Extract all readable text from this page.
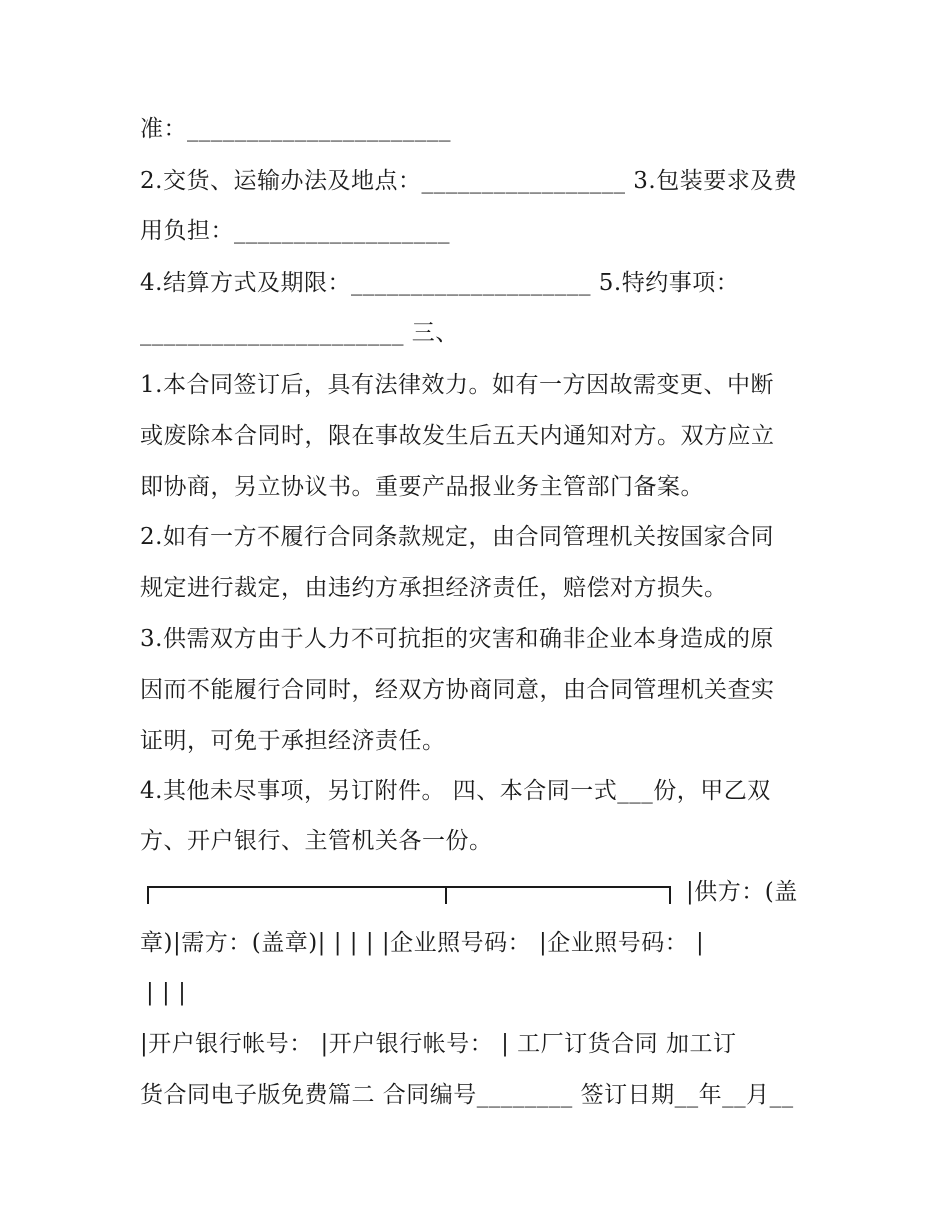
准：______________________
2.交货、运输办法及地点：_________________ 3.包装要求及费
用负担：__________________
4.结算方式及期限：____________________ 5.特约事项：
______________________ 三、
1.本合同签订后，具有法律效力。如有一方因故需变更、中断
或废除本合同时，限在事故发生后五天内通知对方。双方应立
即协商，另立协议书。重要产品报业务主管部门备案。
2.如有一方不履行合同条款规定，由合同管理机关按国家合同
规定进行裁定，由违约方承担经济责任，赔偿对方损失。
3.供需双方由于人力不可抗拒的灾害和确非企业本身造成的原
因而不能履行合同时，经双方协商同意，由合同管理机关查实
证明，可免于承担经济责任。
4.其他未尽事项，另订附件。 四、本合同一式___份，甲乙双
方、开户银行、主管机关各一份。
|供方：(盖
章)|需方：(盖章)| | | | |企业照号码： |企业照号码： |
| | |
|开户银行帐号： |开户银行帐号： | 工厂订货合同 加工订
货合同电子版免费篇二 合同编号________ 签订日期__年__月__
